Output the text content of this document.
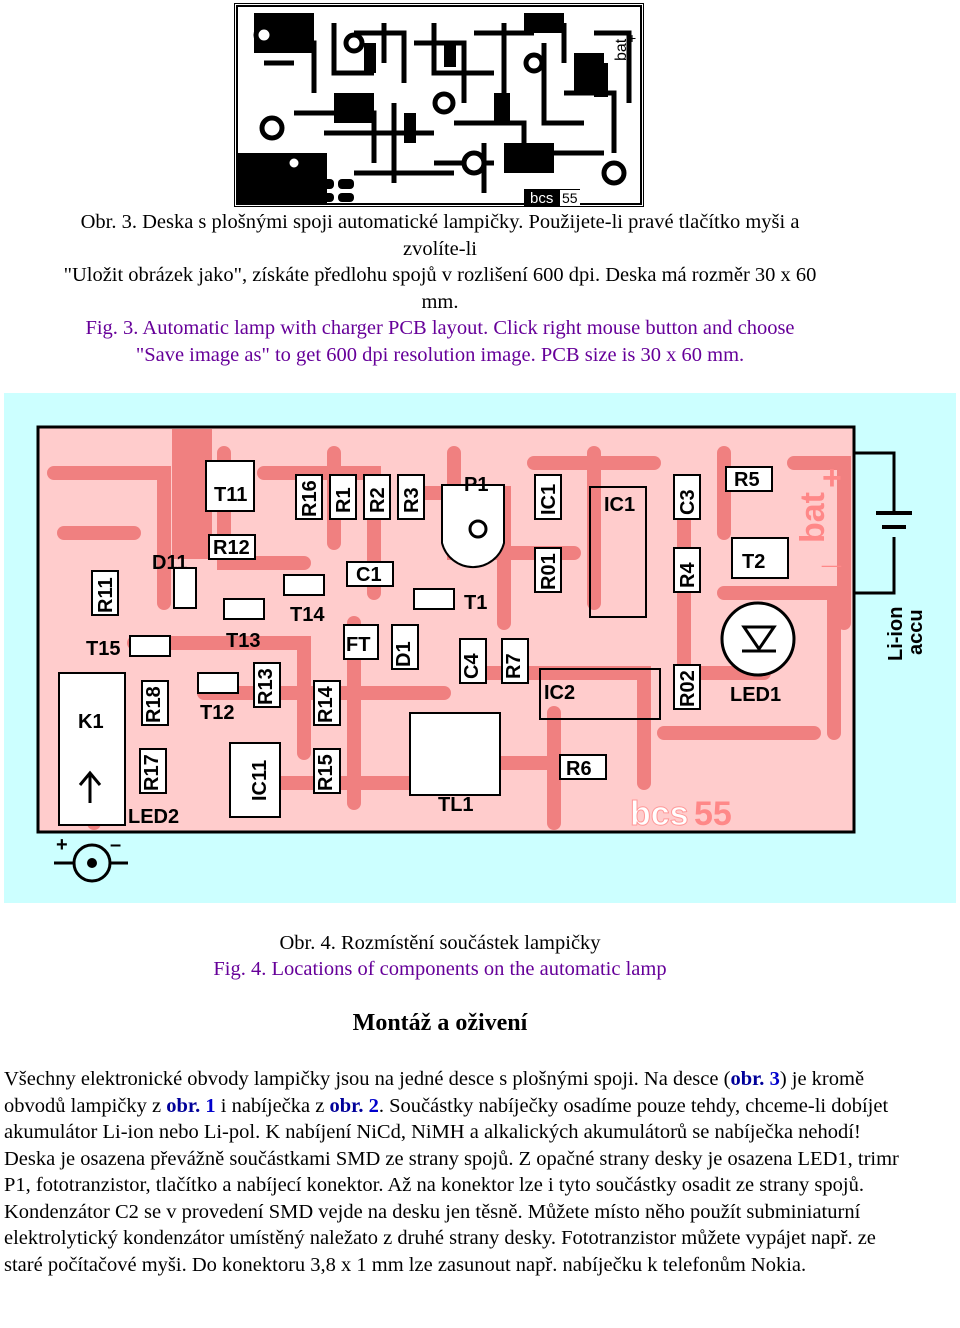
bat
+
bcs 55
Obr. 3. Deska s plošnými spoji automatické lampičky. Použijete-li pravé tlačítko myši a
zvolíte-li
"Uložit obrázek jako", získáte předlohu spojů v rozlišení 600 dpi. Deska má rozměr 30 x 60
mm.
Fig. 3. Automatic lamp with charger PCB layout. Click right mouse button and choose
"Save image as" to get 600 dpi resolution image. PCB size is 30 x 60 mm.
T11
R12
R16 R1 R2 R3
P1 IC1 IC1 C3
R5
D11
R11
C1
T14
T1
R01	R4
T2
T15	T13	FT D1 C4 R7
K1 R18 T12
R13 R14	IC2	R02 LED1
R17	IC11 R15	R6
LED2
TL1
Li-ion
accu
+ –
bat
+
_
bcs 55
Obr. 4. Rozmístění součástek lampičky
Fig. 4. Locations of components on the automatic lamp
Montáž a oživení

Všechny elektronické obvody lampičky jsou na jedné desce s plošnými spoji. Na desce (obr. 3) je kromě obvodů lampičky z obr. 1 i nabíječka z obr. 2. Součástky nabíječky osadíme pouze tehdy, chceme-li dobíjet akumulátor Li-ion nebo Li-pol. K nabíjení NiCd, NiMH a alkalických akumulátorů se nabíječka nehodí! Deska je osazena převážně součástkami SMD ze strany spojů. Z opačné strany desky je osazena LED1, trimr P1, fototranzistor, tlačítko a nabíjecí konektor. Až na konektor lze i tyto součástky osadit ze strany spojů. Kondenzátor C2 se v provedení SMD vejde na desku jen těsně. Můžete místo něho použít subminiaturní elektrolytický kondenzátor umístěný naležato z druhé strany desky. Fototranzistor můžete vypájet např. ze staré počítačové myši. Do konektoru 3,8 x 1 mm lze zasunout např. nabíječku k telefonům Nokia.
